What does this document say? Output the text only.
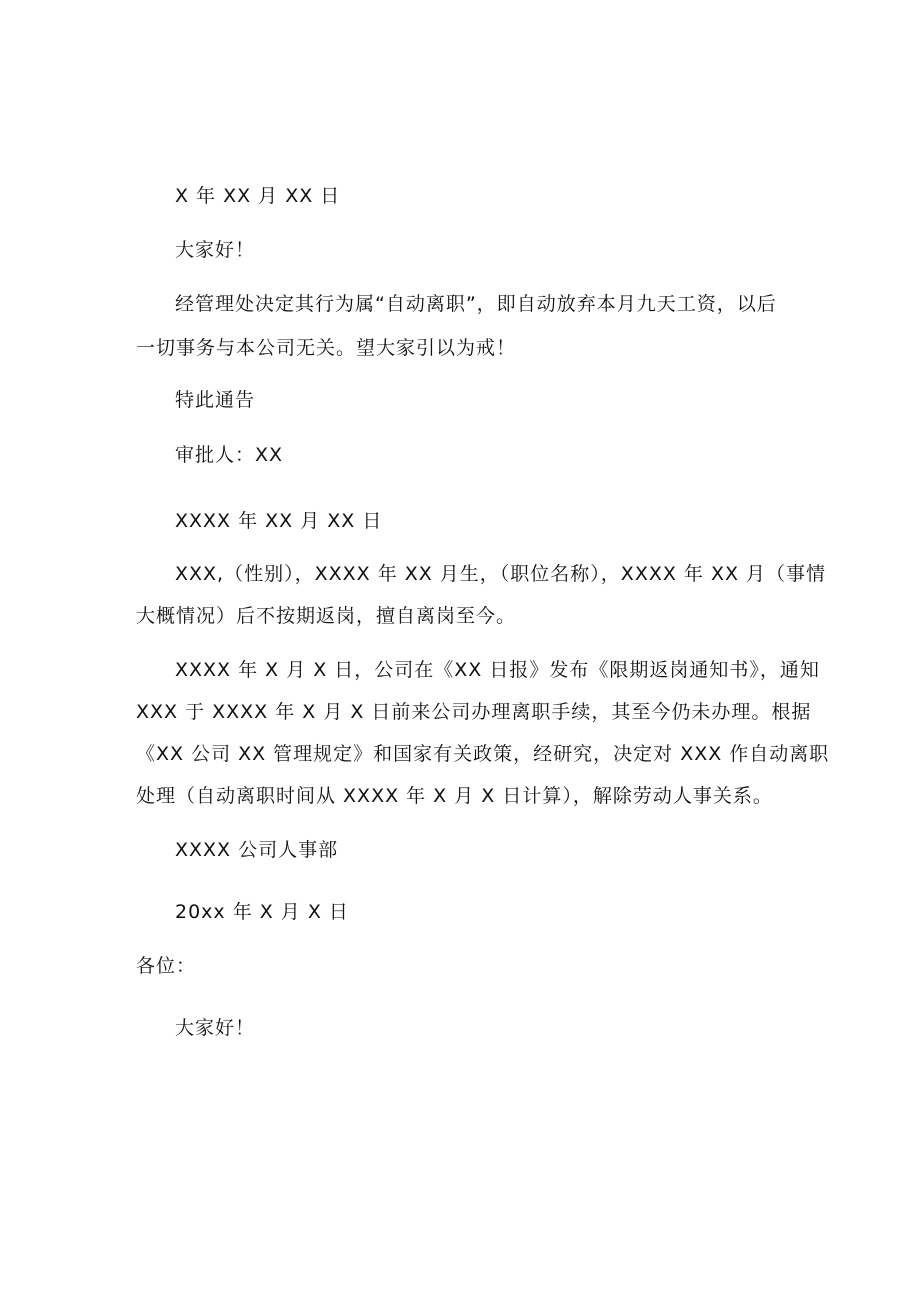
X 年 XX 月 XX 日
大家好！
经管理处决定其行为属“自动离职”，即自动放弃本月九天工资，以后
一切事务与本公司无关。望大家引以为戒！
特此通告
审批人：XX
XXXX 年 XX 月 XX 日
XXX,（性别），XXXX 年 XX 月生，（职位名称），XXXX 年 XX 月（事情
大概情况）后不按期返岗，擅自离岗至今。
XXXX 年 X 月 X 日，公司在《XX 日报》发布《限期返岗通知书》，通知
XXX 于 XXXX 年 X 月 X 日前来公司办理离职手续，其至今仍未办理。根据
《XX 公司 XX 管理规定》和国家有关政策，经研究，决定对 XXX 作自动离职
处理（自动离职时间从 XXXX 年 X 月 X 日计算），解除劳动人事关系。
XXXX 公司人事部
20xx 年 X 月 X 日
各位：
大家好！
